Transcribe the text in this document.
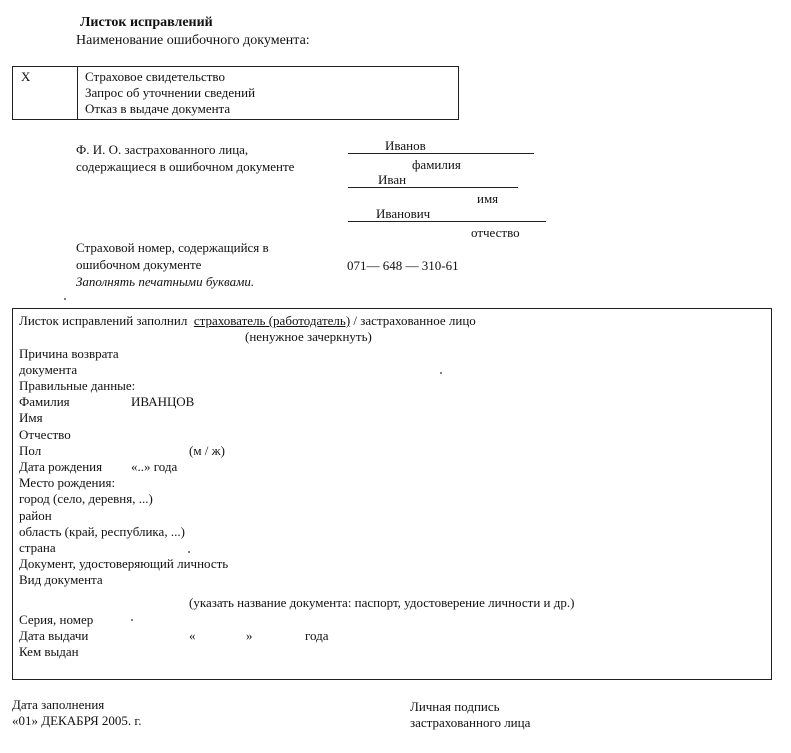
Листок исправлений
Наименование ошибочного документа:
X	Страховое свидетельство
Запрос об уточнении сведений
Отказ в выдаче документа
Ф. И. О. застрахованного лица, содержащиеся в ошибочном документе
Иванов
фамилия
Иван
имя
Иванович
отчество
Страховой номер, содержащийся в ошибочном документе
Заполнять печатными буквами.
071— 648 — 310-61
Листок исправлений заполнил страхователь (работодатель) / застрахованное лицо
(ненужное зачеркнуть)
Причина возврата
документа
Правильные данные:
Фамилия	ИВАНЦОВ
Имя
Отчество
Пол	(м / ж)
Дата рождения «..» года
Место рождения:
город (село, деревня, ...)
район
область (край, республика, ...)
страна
Документ, удостоверяющий личность
Вид документа
(указать название документа: паспорт, удостоверение личности и др.)
Серия, номер
Дата выдачи	«	»	года
Кем выдан
Дата заполнения
«01» ДЕКАБРЯ 2005. г.
Личная подпись
застрахованного лица
